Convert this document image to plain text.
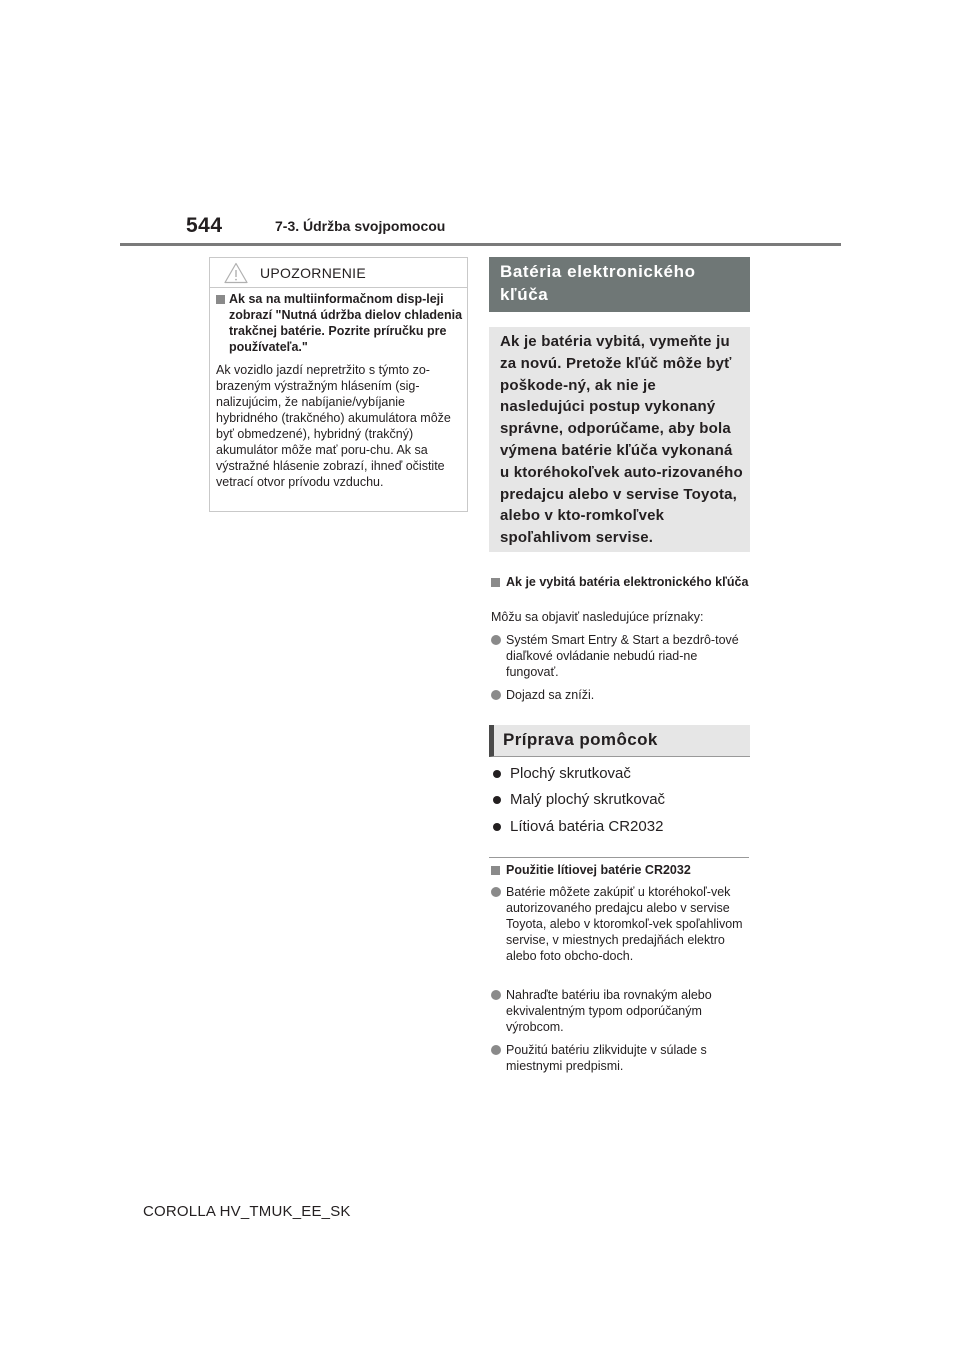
544	7-3. Údržba svojpomocou
UPOZORNENIE
Ak sa na multiinformačnom disp-leji zobrazí "Nutná údržba dielov chladenia trakčnej batérie. Pozrite príručku pre používateľa."
Ak vozidlo jazdí nepretržito s týmto zo-brazeným výstražným hlásením (sig-nalizujúcim, že nabíjanie/vybíjanie hybridného (trakčného) akumulátora môže byť obmedzené), hybridný (trakčný) akumulátor môže mať poru-chu. Ak sa výstražné hlásenie zobrazí, ihneď očistite vetrací otvor prívodu vzduchu.
Batéria elektronického
kľúča
Ak je batéria vybitá, vymeňte ju za novú. Pretože kľúč môže byť poškode-ný, ak nie je nasledujúci postup vykonaný správne, odporúčame, aby bola výmena batérie kľúča vykonaná u ktoréhokoľvek auto-rizovaného predajcu alebo v servise Toyota, alebo v kto-romkoľvek spoľahlivom servise.
Ak je vybitá batéria elektronického kľúča
Môžu sa objaviť nasledujúce príznaky:
Systém Smart Entry & Start a bezdrô-tové diaľkové ovládanie nebudú riad-ne fungovať.
Dojazd sa zníži.
Príprava pomôcok
Plochý skrutkovač
Malý plochý skrutkovač
Lítiová batéria CR2032
Použitie lítiovej batérie CR2032
Batérie môžete zakúpiť u ktoréhokoľ-vek autorizovaného predajcu alebo v servise Toyota, alebo v ktoromkoľ-vek spoľahlivom servise, v miestnych predajňách elektro alebo foto obcho-doch.
Nahraďte batériu iba rovnakým alebo ekvivalentným typom odporúčaným výrobcom.
Použitú batériu zlikvidujte v súlade s miestnymi predpismi.
COROLLA HV_TMUK_EE_SK
